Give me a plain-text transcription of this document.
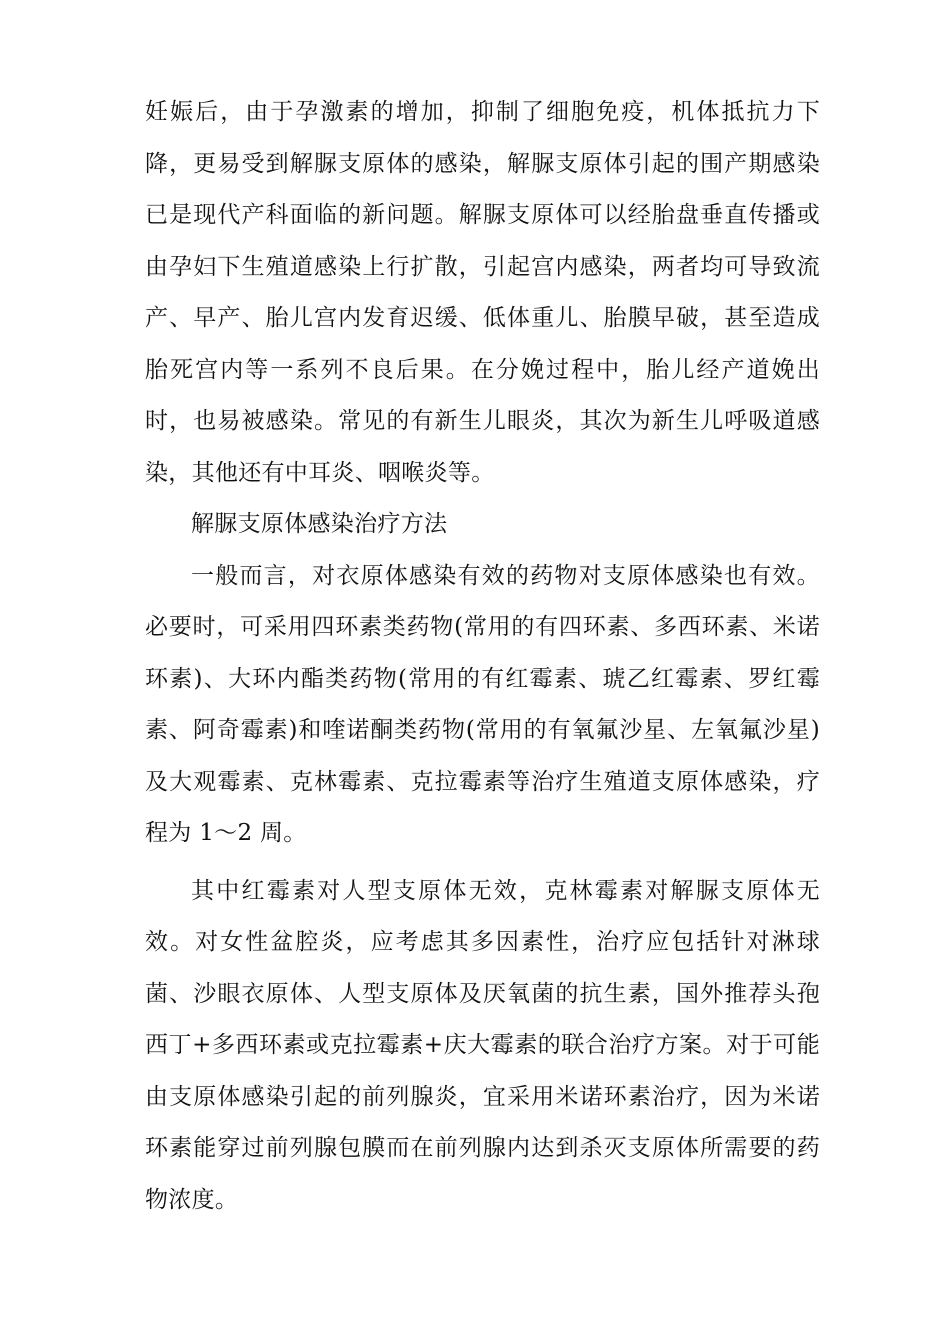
妊娠后，由于孕激素的增加，抑制了细胞免疫，机体抵抗力下降，更易受到解脲支原体的感染，解脲支原体引起的围产期感染已是现代产科面临的新问题。解脲支原体可以经胎盘垂直传播或由孕妇下生殖道感染上行扩散，引起宫内感染，两者均可导致流产、早产、胎儿宫内发育迟缓、低体重儿、胎膜早破，甚至造成胎死宫内等一系列不良后果。在分娩过程中，胎儿经产道娩出时，也易被感染。常见的有新生儿眼炎，其次为新生儿呼吸道感染，其他还有中耳炎、咽喉炎等。

解脲支原体感染治疗方法

一般而言，对衣原体感染有效的药物对支原体感染也有效。必要时，可采用四环素类药物(常用的有四环素、多西环素、米诺环素)、大环内酯类药物(常用的有红霉素、琥乙红霉素、罗红霉素、阿奇霉素)和喹诺酮类药物(常用的有氧氟沙星、左氧氟沙星)及大观霉素、克林霉素、克拉霉素等治疗生殖道支原体感染，疗程为 1～2 周。

其中红霉素对人型支原体无效，克林霉素对解脲支原体无效。对女性盆腔炎，应考虑其多因素性，治疗应包括针对淋球菌、沙眼衣原体、人型支原体及厌氧菌的抗生素，国外推荐头孢西丁+多西环素或克拉霉素+庆大霉素的联合治疗方案。对于可能由支原体感染引起的前列腺炎，宜采用米诺环素治疗，因为米诺环素能穿过前列腺包膜而在前列腺内达到杀灭支原体所需要的药物浓度。
